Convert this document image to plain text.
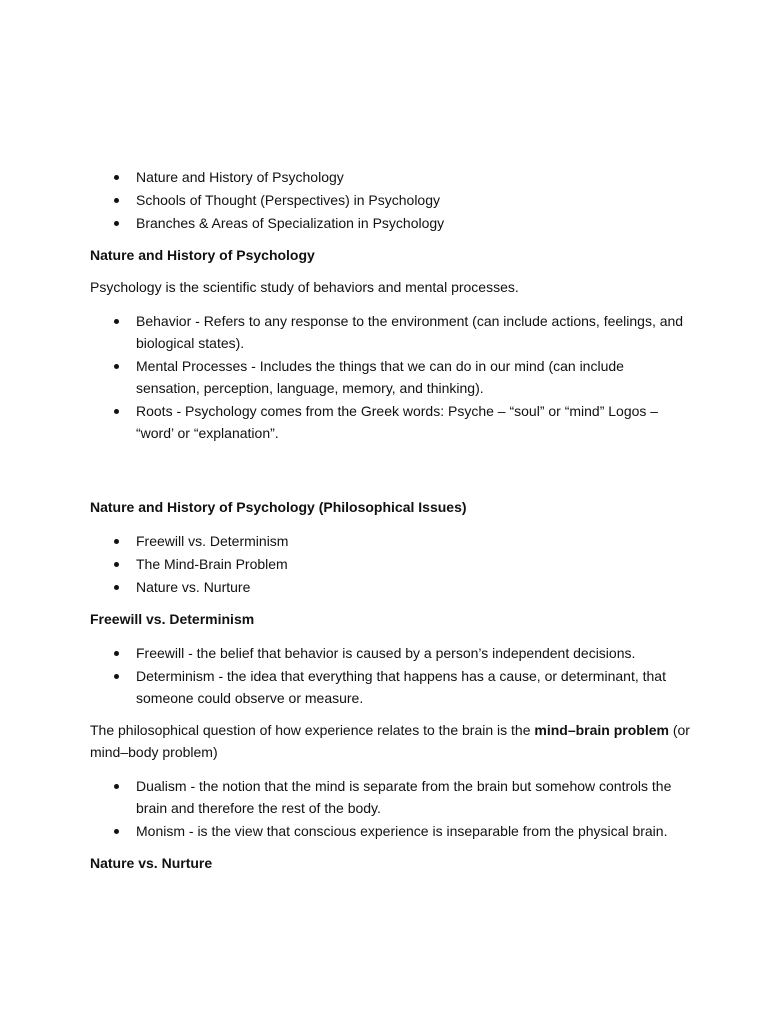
Nature and History of Psychology
Schools of Thought (Perspectives) in Psychology
Branches & Areas of Specialization in Psychology
Nature and History of Psychology

Psychology is the scientific study of behaviors and mental processes.

Behavior - Refers to any response to the environment (can include actions, feelings, and biological states).
Mental Processes - Includes the things that we can do in our mind (can include sensation, perception, language, memory, and thinking).
Roots - Psychology comes from the Greek words: Psyche – “soul” or “mind” Logos – “word’ or “explanation”.
Nature and History of Psychology (Philosophical Issues)
Freewill vs. Determinism
The Mind-Brain Problem
Nature vs. Nurture
Freewill vs. Determinism
Freewill - the belief that behavior is caused by a person’s independent decisions.
Determinism - the idea that everything that happens has a cause, or determinant, that someone could observe or measure.

The philosophical question of how experience relates to the brain is the mind–brain problem (or mind–body problem)

Dualism - the notion that the mind is separate from the brain but somehow controls the brain and therefore the rest of the body.
Monism - is the view that conscious experience is inseparable from the physical brain.
Nature vs. Nurture
